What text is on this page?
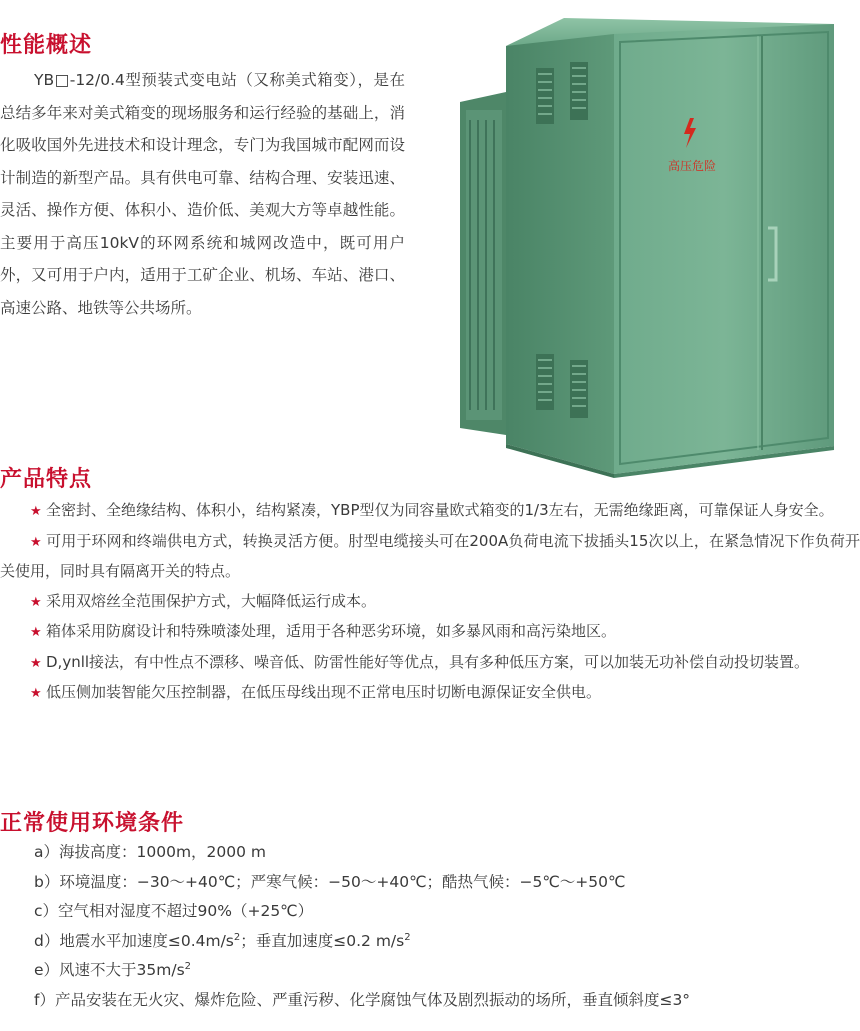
性能概述

YB□-12/0.4型预装式变电站（又称美式箱变），是在总结多年来对美式箱变的现场服务和运行经验的基础上，消化吸收国外先进技术和设计理念，专门为我国城市配网而设计制造的新型产品。具有供电可靠、结构合理、安装迅速、灵活、操作方便、体积小、造价低、美观大方等卓越性能。主要用于高压10kV的环网系统和城网改造中，既可用户外，又可用于户内，适用于工矿企业、机场、车站、港口、高速公路、地铁等公共场所。

高压危险
产品特点
★ 全密封、全绝缘结构、体积小，结构紧凑，YBP型仅为同容量欧式箱变的1/3左右，无需绝缘距离，可靠保证人身安全。
★ 可用于环网和终端供电方式，转换灵活方便。肘型电缆接头可在200A负荷电流下拔插头15次以上，在紧急情况下作负荷开关使用，同时具有隔离开关的特点。
★ 采用双熔丝全范围保护方式，大幅降低运行成本。
★ 箱体采用防腐设计和特殊喷漆处理，适用于各种恶劣环境，如多暴风雨和高污染地区。
★ D,ynll接法，有中性点不漂移、噪音低、防雷性能好等优点，具有多种低压方案，可以加装无功补偿自动投切装置。
★ 低压侧加装智能欠压控制器，在低压母线出现不正常电压时切断电源保证安全供电。
正常使用环境条件
a）海拔高度：1000m，2000 m
b）环境温度：−30～+40℃；严寒气候：−50～+40℃；酷热气候：−5℃～+50℃
c）空气相对湿度不超过90%（+25℃）
d）地震水平加速度$\le 0.4m/s^2$；垂直加速度≤0.2 $m/s^2$
e）风速不大于$35m/s^2$
f）产品安装在无火灾、爆炸危险、严重污秽、化学腐蚀气体及剧烈振动的场所，垂直倾斜度≤3°
